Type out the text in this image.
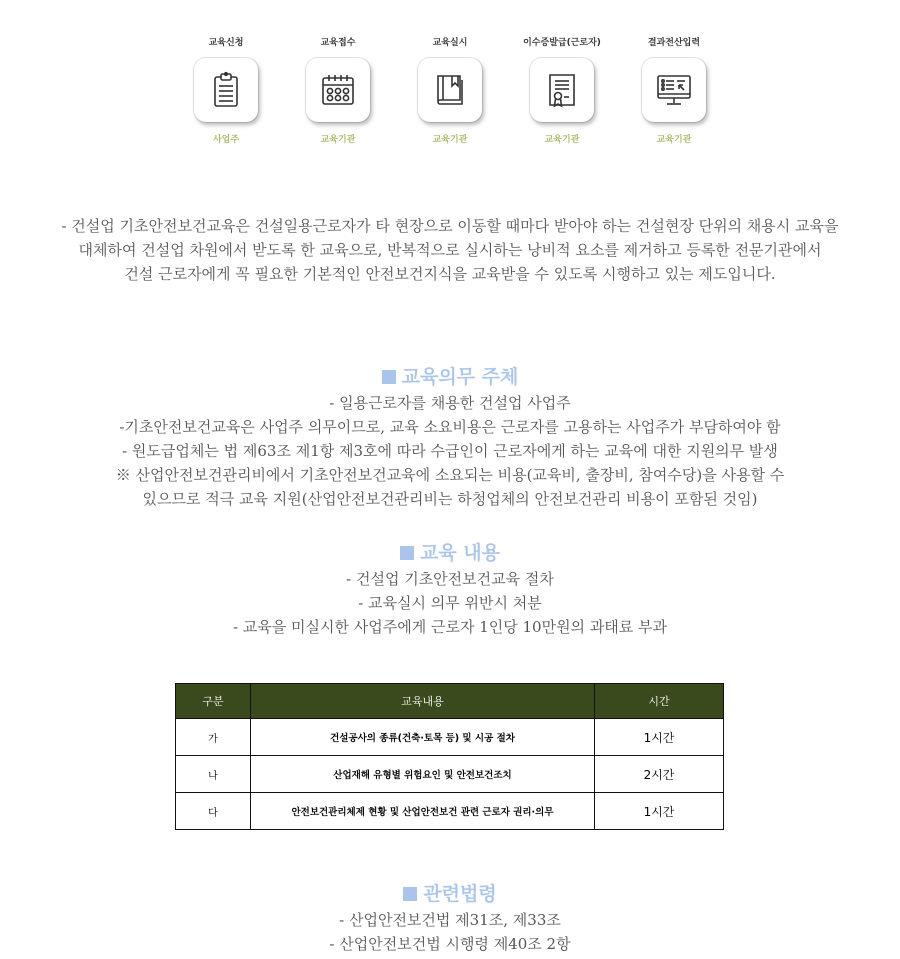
교육신청
사업주
교육접수
교육기관
교육실시
교육기관
이수증발급(근로자)
교육기관
결과전산입력
교육기관
- 건설업 기초안전보건교육은 건설일용근로자가 타 현장으로 이동할 때마다 받아야 하는 건설현장 단위의 채용시 교육을
대체하여 건설업 차원에서 받도록 한 교육으로, 반복적으로 실시하는 낭비적 요소를 제거하고 등록한 전문기관에서
건설 근로자에게 꼭 필요한 기본적인 안전보건지식을 교육받을 수 있도록 시행하고 있는 제도입니다.
교육의무 주체
- 일용근로자를 채용한 건설업 사업주
-기초안전보건교육은 사업주 의무이므로, 교육 소요비용은 근로자를 고용하는 사업주가 부담하여야 함
- 원도급업체는 법 제63조 제1항 제3호에 따라 수급인이 근로자에게 하는 교육에 대한 지원의무 발생
※ 산업안전보건관리비에서 기초안전보건교육에 소요되는 비용(교육비, 출장비, 참여수당)을 사용할 수
있으므로 적극 교육 지원(산업안전보건관리비는 하청업체의 안전보건관리 비용이 포함된 것임)
교육 내용
- 건설업 기초안전보건교육 절차
- 교육실시 의무 위반시 처분
- 교육을 미실시한 사업주에게 근로자 1인당 10만원의 과태료 부과
구분	교육내용	시간
가	건설공사의 종류(건축·토목 등) 및 시공 절차	1시간
나	산업재해 유형별 위험요인 및 안전보건조치	2시간
다	안전보건관리체제 현황 및 산업안전보건 관련 근로자 권리·의무	1시간
관련법령
- 산업안전보건법 제31조, 제33조
- 산업안전보건법 시행령 제40조 2항
